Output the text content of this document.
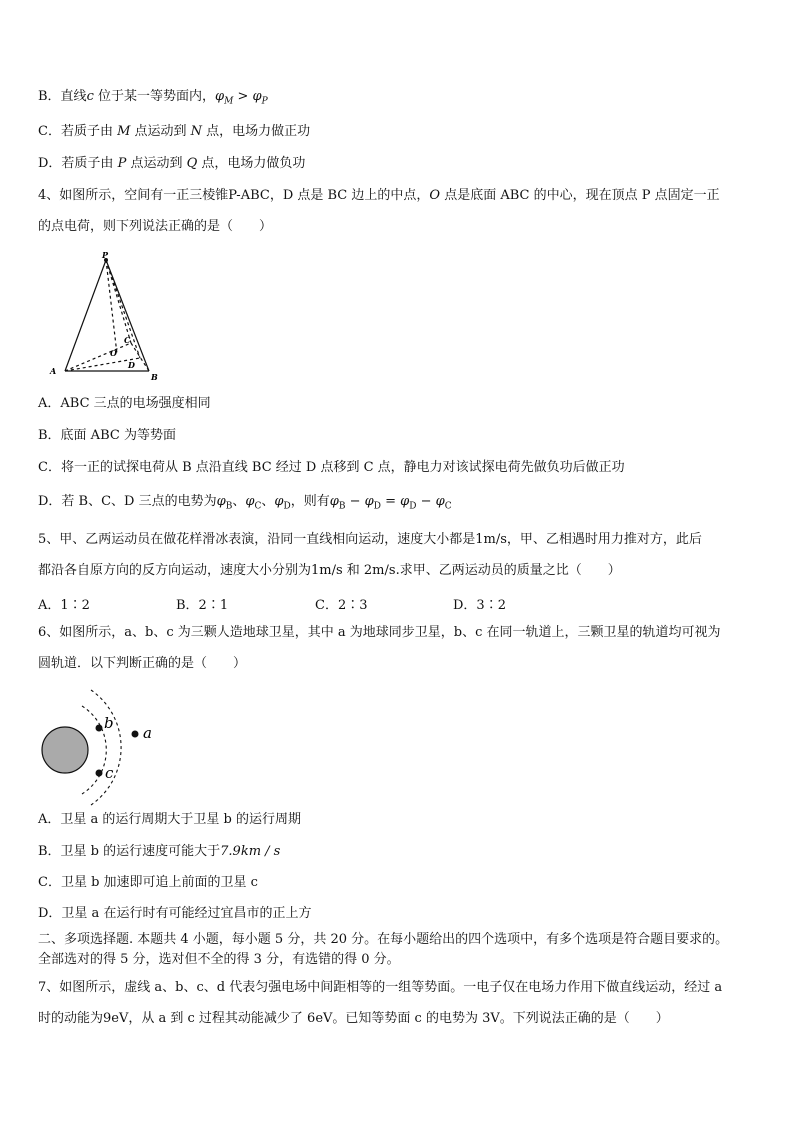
B．直线c 位于某一等势面内，$\varphi_M > \varphi_P$
C．若质子由 M 点运动到 N 点，电场力做正功
D．若质子由 P 点运动到 Q 点，电场力做负功
4、如图所示，空间有一正三棱锥P-ABC，D 点是 BC 边上的中点，O 点是底面 ABC 的中心，现在顶点 P 点固定一正
的点电荷，则下列说法正确的是（　　）
P
A
B
C
D
O
A．ABC 三点的电场强度相同
B．底面 ABC 为等势面
C．将一正的试探电荷从 B 点沿直线 BC 经过 D 点移到 C 点，静电力对该试探电荷先做负功后做正功
D．若 B、C、D 三点的电势为$\varphi_B$、$\varphi_C$、$\varphi_D$，则有$\varphi_B - \varphi_D = \varphi_D - \varphi_C$
5、甲、乙两运动员在做花样滑冰表演，沿同一直线相向运动，速度大小都是1m/s，甲、乙相遇时用力推对方，此后
都沿各自原方向的反方向运动，速度大小分别为1m/s 和 2m/s.求甲、乙两运动员的质量之比（　　）
A．1∶2	B．2∶1	C．2∶3	D．3∶2
6、如图所示，a、b、c 为三颗人造地球卫星，其中 a 为地球同步卫星，b、c 在同一轨道上，三颗卫星的轨道均可视为
圆轨道．以下判断正确的是（　　）
b
c
a
A．卫星 a 的运行周期大于卫星 b 的运行周期
B．卫星 b 的运行速度可能大于7.9km / s
C．卫星 b 加速即可追上前面的卫星 c
D．卫星 a 在运行时有可能经过宜昌市的正上方
二、多项选择题. 本题共 4 小题，每小题 5 分，共 20 分。在每小题给出的四个选项中，有多个选项是符合题目要求的。
全部选对的得 5 分，选对但不全的得 3 分，有选错的得 0 分。
7、如图所示，虚线 a、b、c、d 代表匀强电场中间距相等的一组等势面。一电子仅在电场力作用下做直线运动，经过 a
时的动能为9eV，从 a 到 c 过程其动能减少了 6eV。已知等势面 c 的电势为 3V。下列说法正确的是（　　）
